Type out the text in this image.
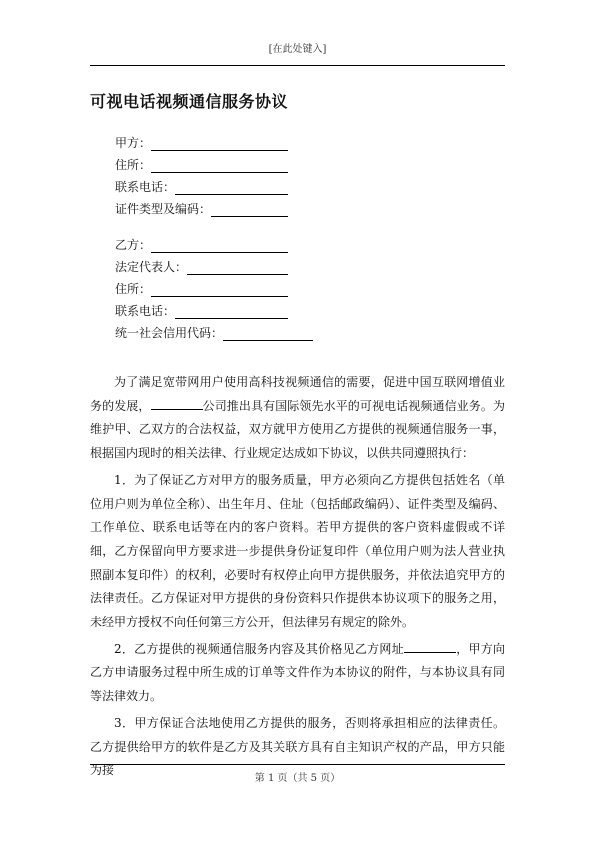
[在此处键入]
可视电话视频通信服务协议
甲方：
住所：
联系电话：
证件类型及编码：
乙方：
法定代表人：
住所：
联系电话：
统一社会信用代码：

为了满足宽带网用户使用高科技视频通信的需要，促进中国互联网增值业务的发展，	公司推出具有国际领先水平的可视电话视频通信业务。为维护甲、乙双方的合法权益，双方就甲方使用乙方提供的视频通信服务一事，根据国内现时的相关法律、行业规定达成如下协议，以供共同遵照执行：

1．为了保证乙方对甲方的服务质量，甲方必须向乙方提供包括姓名（单位用户则为单位全称）、出生年月、住址（包括邮政编码）、证件类型及编码、工作单位、联系电话等在内的客户资料。若甲方提供的客户资料虚假或不详细，乙方保留向甲方要求进一步提供身份证复印件（单位用户则为法人营业执照副本复印件）的权利，必要时有权停止向甲方提供服务，并依法追究甲方的法律责任。乙方保证对甲方提供的身份资料只作提供本协议项下的服务之用，未经甲方授权不向任何第三方公开，但法律另有规定的除外。

2．乙方提供的视频通信服务内容及其价格见乙方网址	，甲方向乙方申请服务过程中所生成的订单等文件作为本协议的附件，与本协议具有同等法律效力。

3．甲方保证合法地使用乙方提供的服务，否则将承担相应的法律责任。乙方提供给甲方的软件是乙方及其关联方具有自主知识产权的产品，甲方只能为接

第 1 页（共 5 页）
